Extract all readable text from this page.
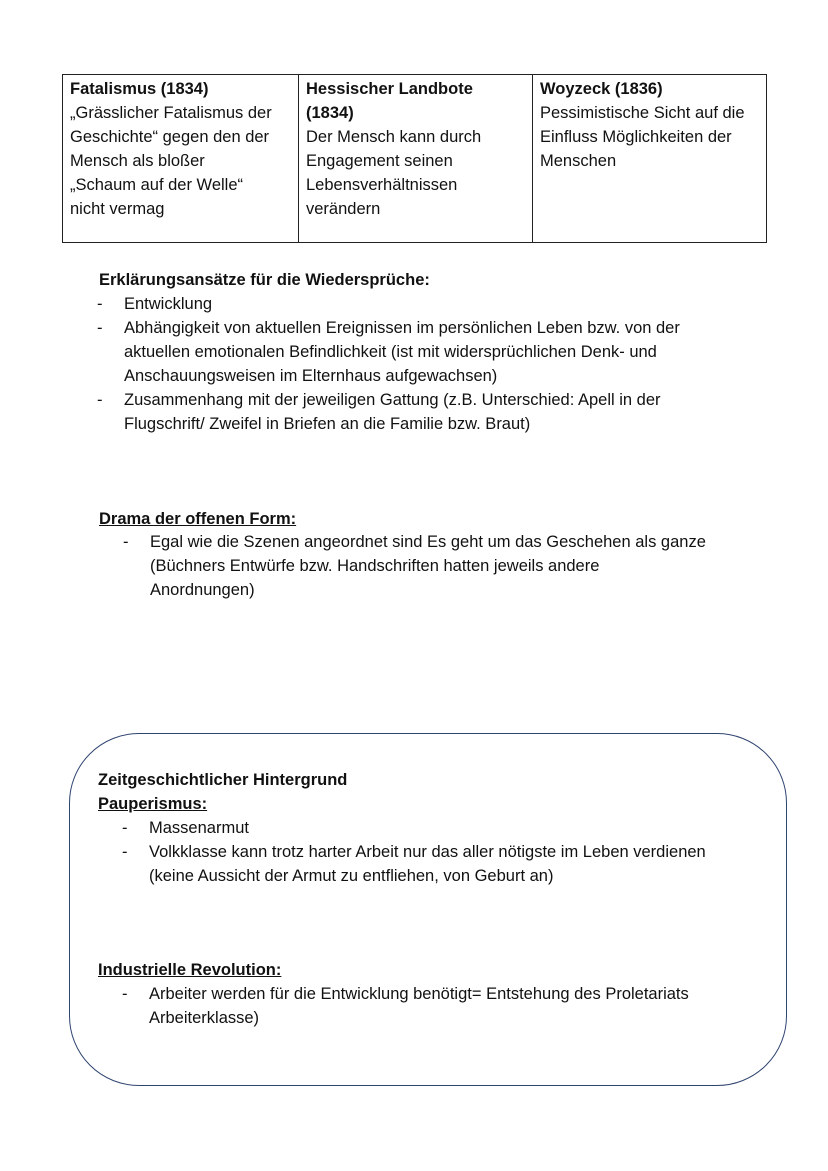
Fatalismus (1834)
„Grässlicher Fatalismus der
Geschichte“ gegen den der
Mensch als bloßer
„Schaum auf der Welle“
nicht vermag
Hessischer Landbote
(1834)
Der Mensch kann durch
Engagement seinen
Lebensverhältnissen
verändern
Woyzeck (1836)
Pessimistische Sicht auf die
Einfluss Möglichkeiten der
Menschen
Erklärungsansätze für die Wiedersprüche:
- Entwicklung
- Abhängigkeit von aktuellen Ereignissen im persönlichen Leben bzw. von der
aktuellen emotionalen Befindlichkeit (ist mit widersprüchlichen Denk- und
Anschauungsweisen im Elternhaus aufgewachsen)
- Zusammenhang mit der jeweiligen Gattung (z.B. Unterschied: Apell in der
Flugschrift/ Zweifel in Briefen an die Familie bzw. Braut)
Drama der offenen Form:
- Egal wie die Szenen angeordnet sind Es geht um das Geschehen als ganze
(Büchners Entwürfe bzw. Handschriften hatten jeweils andere
Anordnungen)
Zeitgeschichtlicher Hintergrund
Pauperismus:
- Massenarmut
- Volkklasse kann trotz harter Arbeit nur das aller nötigste im Leben verdienen
(keine Aussicht der Armut zu entfliehen, von Geburt an)
Industrielle Revolution:
- Arbeiter werden für die Entwicklung benötigt= Entstehung des Proletariats
Arbeiterklasse)
